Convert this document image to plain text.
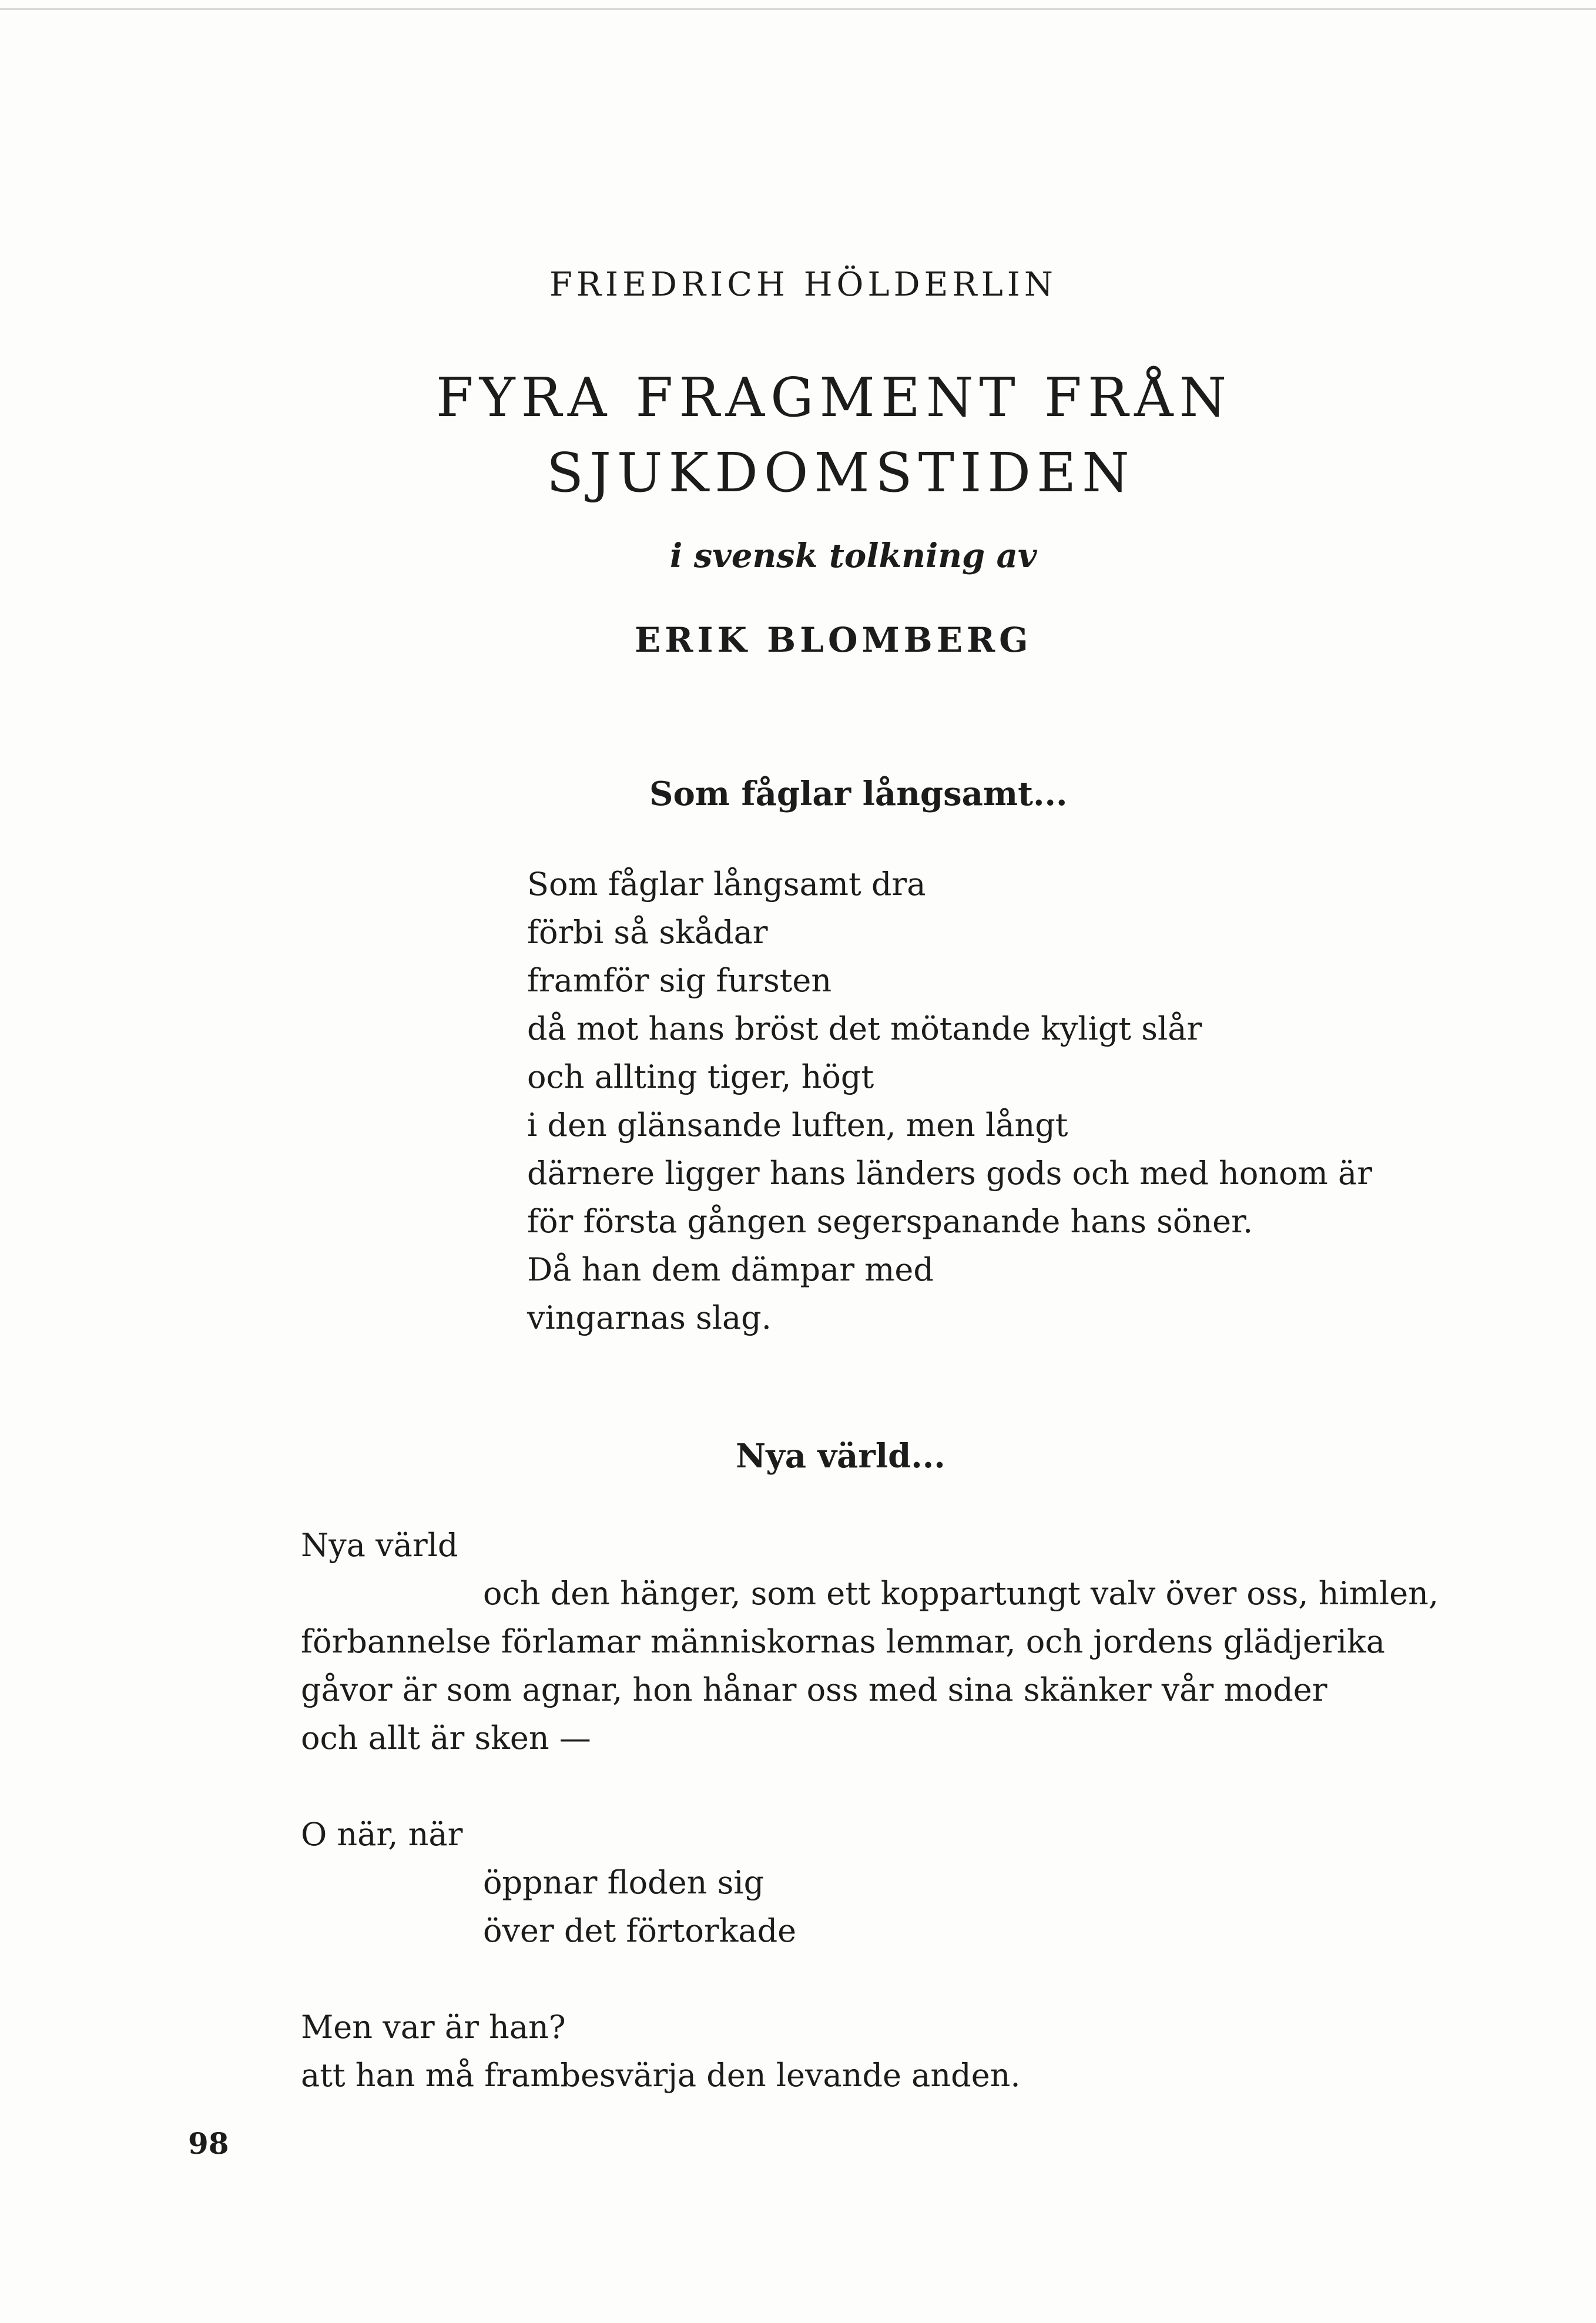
FRIEDRICH HÖLDERLIN
FYRA FRAGMENT FRÅN
SJUKDOMSTIDEN
i svensk tolkning av
ERIK BLOMBERG
Som fåglar långsamt...
Som fåglar långsamt dra
förbi så skådar
framför sig fursten
då mot hans bröst det mötande kyligt slår
och allting tiger, högt
i den glänsande luften, men långt
därnere ligger hans länders gods och med honom är
för första gången segerspanande hans söner.
Då han dem dämpar med
vingarnas slag.
Nya värld...
Nya värld
och den hänger, som ett koppartungt valv över oss, himlen,
förbannelse förlamar människornas lemmar, och jordens glädjerika
gåvor är som agnar, hon hånar oss med sina skänker vår moder
och allt är sken —
O när, när
öppnar floden sig
över det förtorkade
Men var är han?
att han må frambesvärja den levande anden.
98
